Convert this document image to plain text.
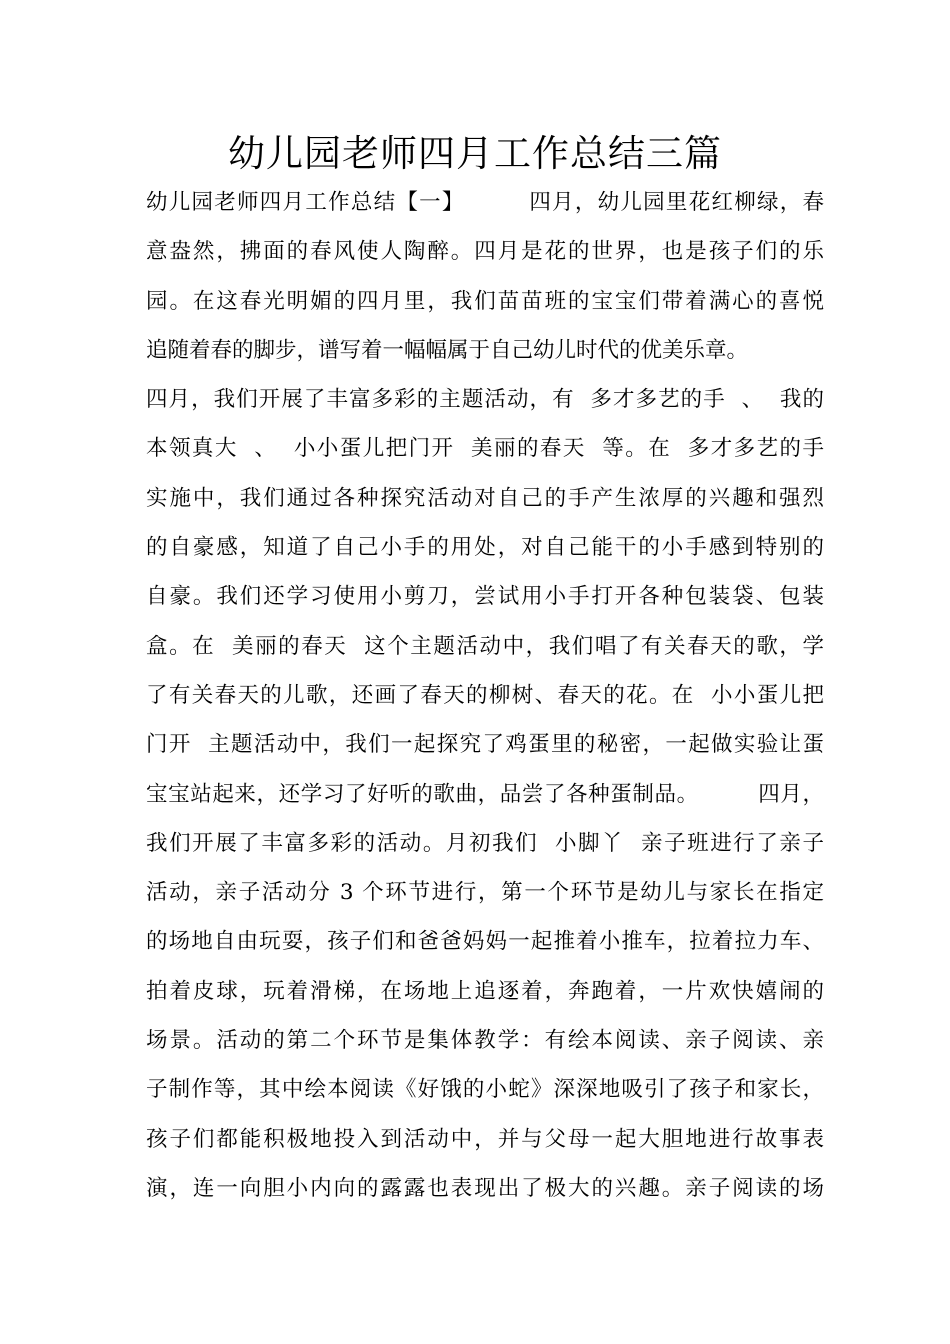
幼儿园老师四月工作总结三篇
幼儿园老师四月工作总结【一】        四月，幼儿园里花红柳绿，春
意盎然，拂面的春风使人陶醉。四月是花的世界，也是孩子们的乐
园。在这春光明媚的四月里，我们苗苗班的宝宝们带着满心的喜悦
追随着春的脚步，谱写着一幅幅属于自己幼儿时代的优美乐章。
四月，我们开展了丰富多彩的主题活动，有  多才多艺的手  、  我的
本领真大  、  小小蛋儿把门开  美丽的春天  等。在  多才多艺的手
实施中，我们通过各种探究活动对自己的手产生浓厚的兴趣和强烈
的自豪感，知道了自己小手的用处，对自己能干的小手感到特别的
自豪。我们还学习使用小剪刀，尝试用小手打开各种包装袋、包装
盒。在  美丽的春天  这个主题活动中，我们唱了有关春天的歌，学
了有关春天的儿歌，还画了春天的柳树、春天的花。在  小小蛋儿把
门开  主题活动中，我们一起探究了鸡蛋里的秘密，一起做实验让蛋
宝宝站起来，还学习了好听的歌曲，品尝了各种蛋制品。        四月，
我们开展了丰富多彩的活动。月初我们  小脚丫  亲子班进行了亲子
活动，亲子活动分 3 个环节进行，第一个环节是幼儿与家长在指定
的场地自由玩耍，孩子们和爸爸妈妈一起推着小推车，拉着拉力车、
拍着皮球，玩着滑梯，在场地上追逐着，奔跑着，一片欢快嬉闹的
场景。活动的第二个环节是集体教学：有绘本阅读、亲子阅读、亲
子制作等，其中绘本阅读《好饿的小蛇》深深地吸引了孩子和家长，
孩子们都能积极地投入到活动中，并与父母一起大胆地进行故事表
演，连一向胆小内向的露露也表现出了极大的兴趣。亲子阅读的场
